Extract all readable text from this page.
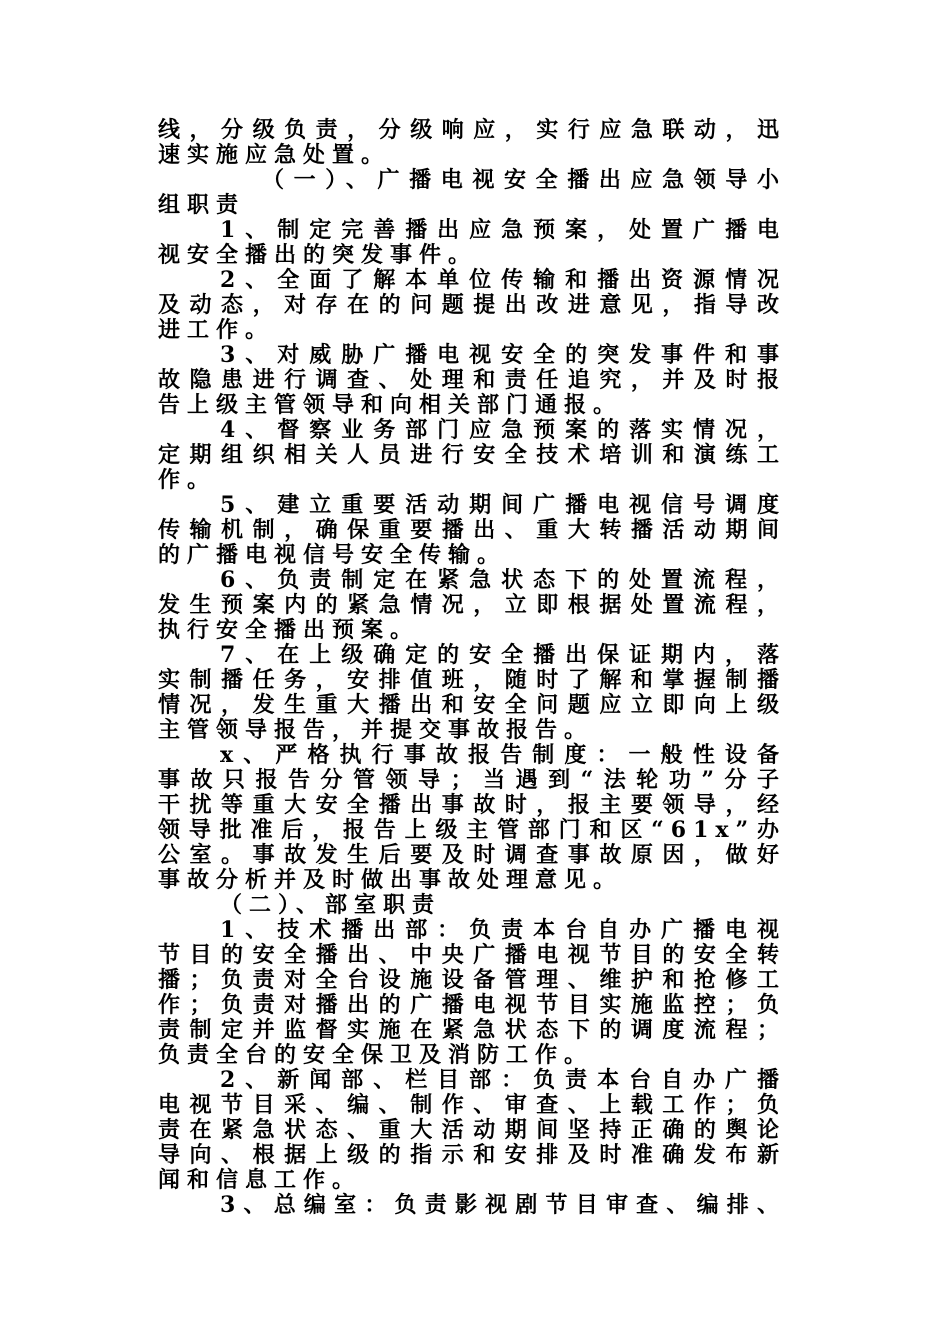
线，分级负责，分级响应，实行应急联动，迅
速实施应急处置。
（一）、广播电视安全播出应急领导小
组职责
1、制定完善播出应急预案，处置广播电
视安全播出的突发事件。
2、全面了解本单位传输和播出资源情况
及动态，对存在的问题提出改进意见，指导改
进工作。
3、对威胁广播电视安全的突发事件和事
故隐患进行调查、处理和责任追究，并及时报
告上级主管领导和向相关部门通报。
4、督察业务部门应急预案的落实情况，
定期组织相关人员进行安全技术培训和演练工
作。
5、建立重要活动期间广播电视信号调度
传输机制，确保重要播出、重大转播活动期间
的广播电视信号安全传输。
6、负责制定在紧急状态下的处置流程，
发生预案内的紧急情况，立即根据处置流程，
执行安全播出预案。
7、在上级确定的安全播出保证期内，落
实制播任务，安排值班，随时了解和掌握制播
情况，发生重大播出和安全问题应立即向上级
主管领导报告，并提交事故报告。
x、严格执行事故报告制度：一般性设备
事故只报告分管领导；当遇到“法轮功”分子
干扰等重大安全播出事故时，报主要领导，经
领导批准后，报告上级主管部门和区“61x”办
公室。事故发生后要及时调查事故原因，做好
事故分析并及时做出事故处理意见。
（二）、部室职责
1、技术播出部：负责本台自办广播电视
节目的安全播出、中央广播电视节目的安全转
播；负责对全台设施设备管理、维护和抢修工
作；负责对播出的广播电视节目实施监控；负
责制定并监督实施在紧急状态下的调度流程；
负责全台的安全保卫及消防工作。
2、新闻部、栏目部：负责本台自办广播
电视节目采、编、制作、审查、上载工作；负
责在紧急状态、重大活动期间坚持正确的舆论
导向、根据上级的指示和安排及时准确发布新
闻和信息工作。
3、总编室：负责影视剧节目审查、编排、
